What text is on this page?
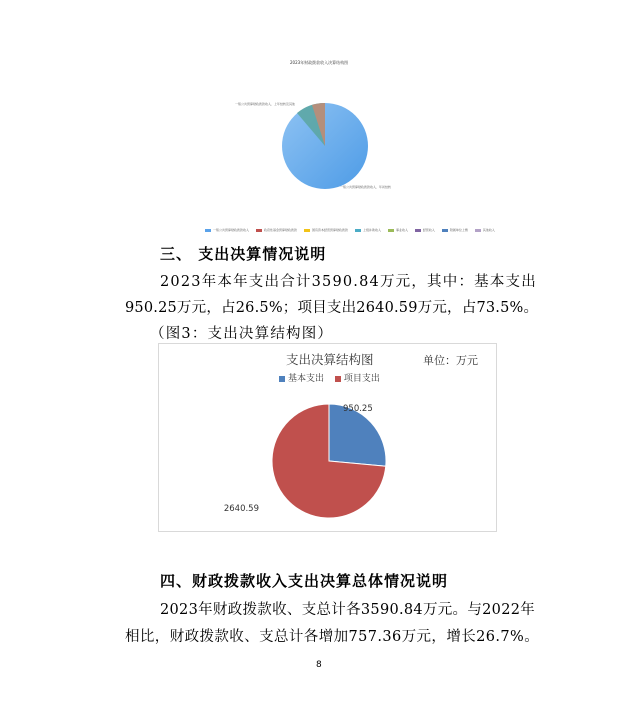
2023年财政拨款收入决算结构图
一般公共预算财政拨款收入、上年结转及其他
一般公共预算财政拨款收入、年初结转
一般公共预算财政拨款收入	政府性基金预算财政拨款	国有资本经营预算财政拨款	上级补助收入	事业收入	经营收入	附属单位上缴	其他收入
三、 支出决算情况说明
2023年本年支出合计3590.84万元，其中：基本支出
950.25万元，占26.5%；项目支出2640.59万元，占73.5%。
（图3：支出决算结构图）
支出决算结构图	单位：万元
基本支出 项目支出
950.25
2640.59
四、财政拨款收入支出决算总体情况说明
2023年财政拨款收、支总计各3590.84万元。与2022年
相比，财政拨款收、支总计各增加757.36万元，增长26.7%。
8
